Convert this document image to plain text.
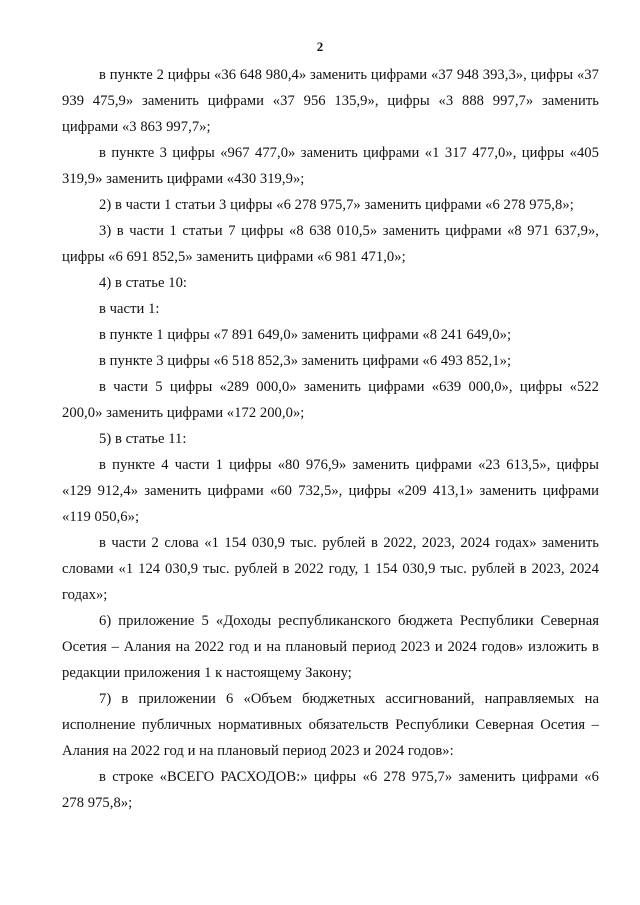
2

в пункте 2 цифры «36 648 980,4» заменить цифрами «37 948 393,3», цифры «37 939 475,9» заменить цифрами «37 956 135,9», цифры «3 888 997,7» заменить цифрами «3 863 997,7»;

в пункте 3 цифры «967 477,0» заменить цифрами «1 317 477,0», цифры «405 319,9» заменить цифрами «430 319,9»;

2) в части 1 статьи 3 цифры «6 278 975,7» заменить цифрами «6 278 975,8»;

3) в части 1 статьи 7 цифры «8 638 010,5» заменить цифрами «8 971 637,9», цифры «6 691 852,5» заменить цифрами «6 981 471,0»;

4) в статье 10:

в части 1:

в пункте 1 цифры «7 891 649,0» заменить цифрами «8 241 649,0»;

в пункте 3 цифры «6 518 852,3» заменить цифрами «6 493 852,1»;

в части 5 цифры «289 000,0» заменить цифрами «639 000,0», цифры «522 200,0» заменить цифрами «172 200,0»;

5) в статье 11:

в пункте 4 части 1 цифры «80 976,9» заменить цифрами «23 613,5», цифры «129 912,4» заменить цифрами «60 732,5», цифры «209 413,1» заменить цифрами «119 050,6»;

в части 2 слова «1 154 030,9 тыс. рублей в 2022, 2023, 2024 годах» заменить словами «1 124 030,9 тыс. рублей в 2022 году, 1 154 030,9 тыс. рублей в 2023, 2024 годах»;

6) приложение 5 «Доходы республиканского бюджета Республики Северная Осетия – Алания на 2022 год и на плановый период 2023 и 2024 годов» изложить в редакции приложения 1 к настоящему Закону;

7) в приложении 6 «Объем бюджетных ассигнований, направляемых на исполнение публичных нормативных обязательств Республики Северная Осетия – Алания на 2022 год и на плановый период 2023 и 2024 годов»:

в строке «ВСЕГО РАСХОДОВ:» цифры «6 278 975,7» заменить цифрами «6 278 975,8»;
